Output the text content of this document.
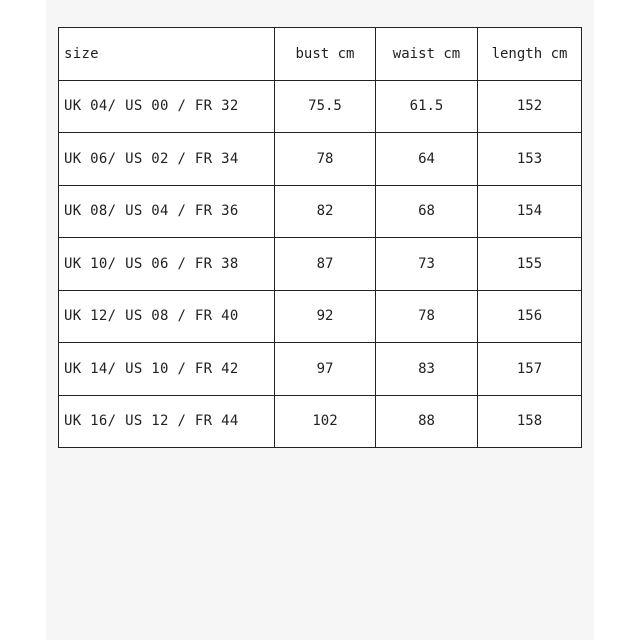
size	bust cm	waist cm	length cm
UK 04/ US 00 / FR 32	75.5	61.5	152
UK 06/ US 02 / FR 34	78	64	153
UK 08/ US 04 / FR 36	82	68	154
UK 10/ US 06 / FR 38	87	73	155
UK 12/ US 08 / FR 40	92	78	156
UK 14/ US 10 / FR 42	97	83	157
UK 16/ US 12 / FR 44	102	88	158
